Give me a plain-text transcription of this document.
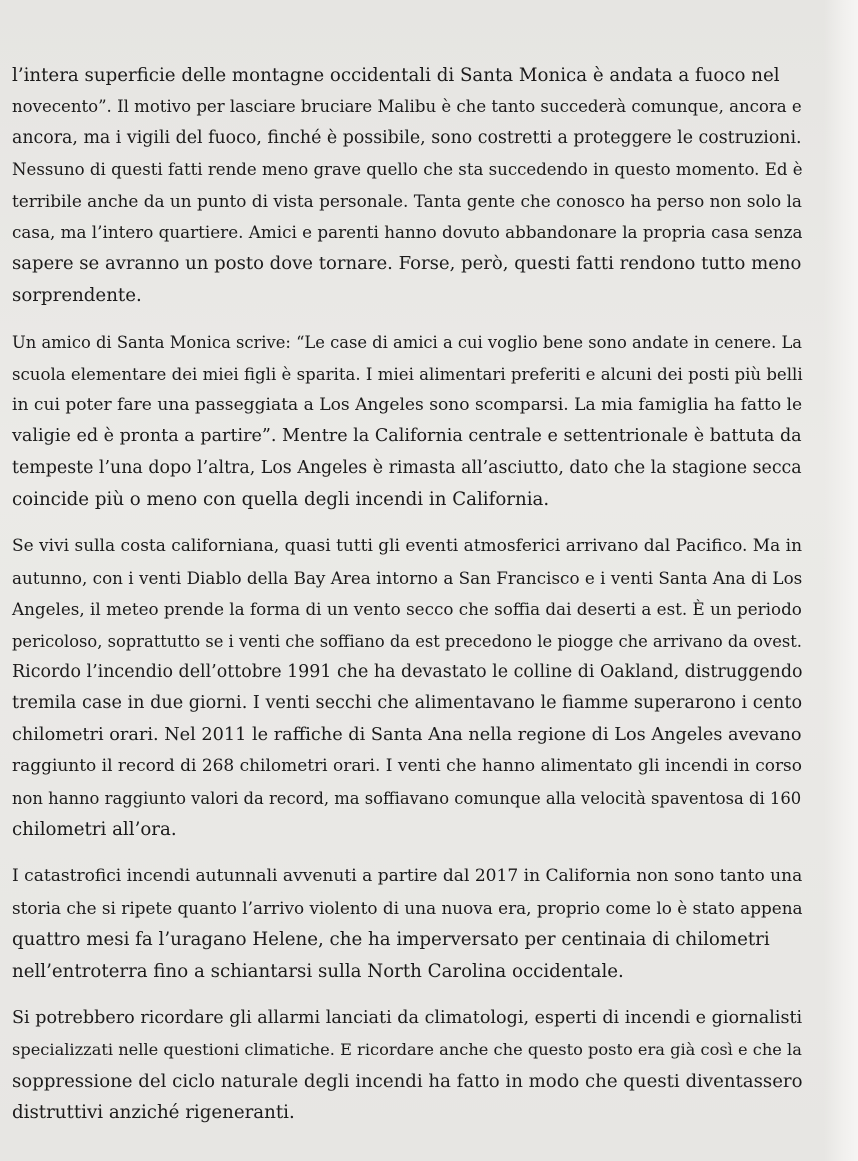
l’intera superficie delle montagne occidentali di Santa Monica è andata a fuoco nel
novecento”. Il motivo per lasciare bruciare Malibu è che tanto succederà comunque, ancora e
ancora, ma i vigili del fuoco, finché è possibile, sono costretti a proteggere le costruzioni.
Nessuno di questi fatti rende meno grave quello che sta succedendo in questo momento. Ed è
terribile anche da un punto di vista personale. Tanta gente che conosco ha perso non solo la
casa, ma l’intero quartiere. Amici e parenti hanno dovuto abbandonare la propria casa senza
sapere se avranno un posto dove tornare. Forse, però, questi fatti rendono tutto meno
sorprendente.
Un amico di Santa Monica scrive: “Le case di amici a cui voglio bene sono andate in cenere. La
scuola elementare dei miei figli è sparita. I miei alimentari preferiti e alcuni dei posti più belli
in cui poter fare una passeggiata a Los Angeles sono scomparsi. La mia famiglia ha fatto le
valigie ed è pronta a partire”. Mentre la California centrale e settentrionale è battuta da
tempeste l’una dopo l’altra, Los Angeles è rimasta all’asciutto, dato che la stagione secca
coincide più o meno con quella degli incendi in California.
Se vivi sulla costa californiana, quasi tutti gli eventi atmosferici arrivano dal Pacifico. Ma in
autunno, con i venti Diablo della Bay Area intorno a San Francisco e i venti Santa Ana di Los
Angeles, il meteo prende la forma di un vento secco che soffia dai deserti a est. È un periodo
pericoloso, soprattutto se i venti che soffiano da est precedono le piogge che arrivano da ovest.
Ricordo l’incendio dell’ottobre 1991 che ha devastato le colline di Oakland, distruggendo
tremila case in due giorni. I venti secchi che alimentavano le fiamme superarono i cento
chilometri orari. Nel 2011 le raffiche di Santa Ana nella regione di Los Angeles avevano
raggiunto il record di 268 chilometri orari. I venti che hanno alimentato gli incendi in corso
non hanno raggiunto valori da record, ma soffiavano comunque alla velocità spaventosa di 160
chilometri all’ora.
I catastrofici incendi autunnali avvenuti a partire dal 2017 in California non sono tanto una
storia che si ripete quanto l’arrivo violento di una nuova era, proprio come lo è stato appena
quattro mesi fa l’uragano Helene, che ha imperversato per centinaia di chilometri
nell’entroterra fino a schiantarsi sulla North Carolina occidentale.
Si potrebbero ricordare gli allarmi lanciati da climatologi, esperti di incendi e giornalisti
specializzati nelle questioni climatiche. E ricordare anche che questo posto era già così e che la
soppressione del ciclo naturale degli incendi ha fatto in modo che questi diventassero
distruttivi anziché rigeneranti.
